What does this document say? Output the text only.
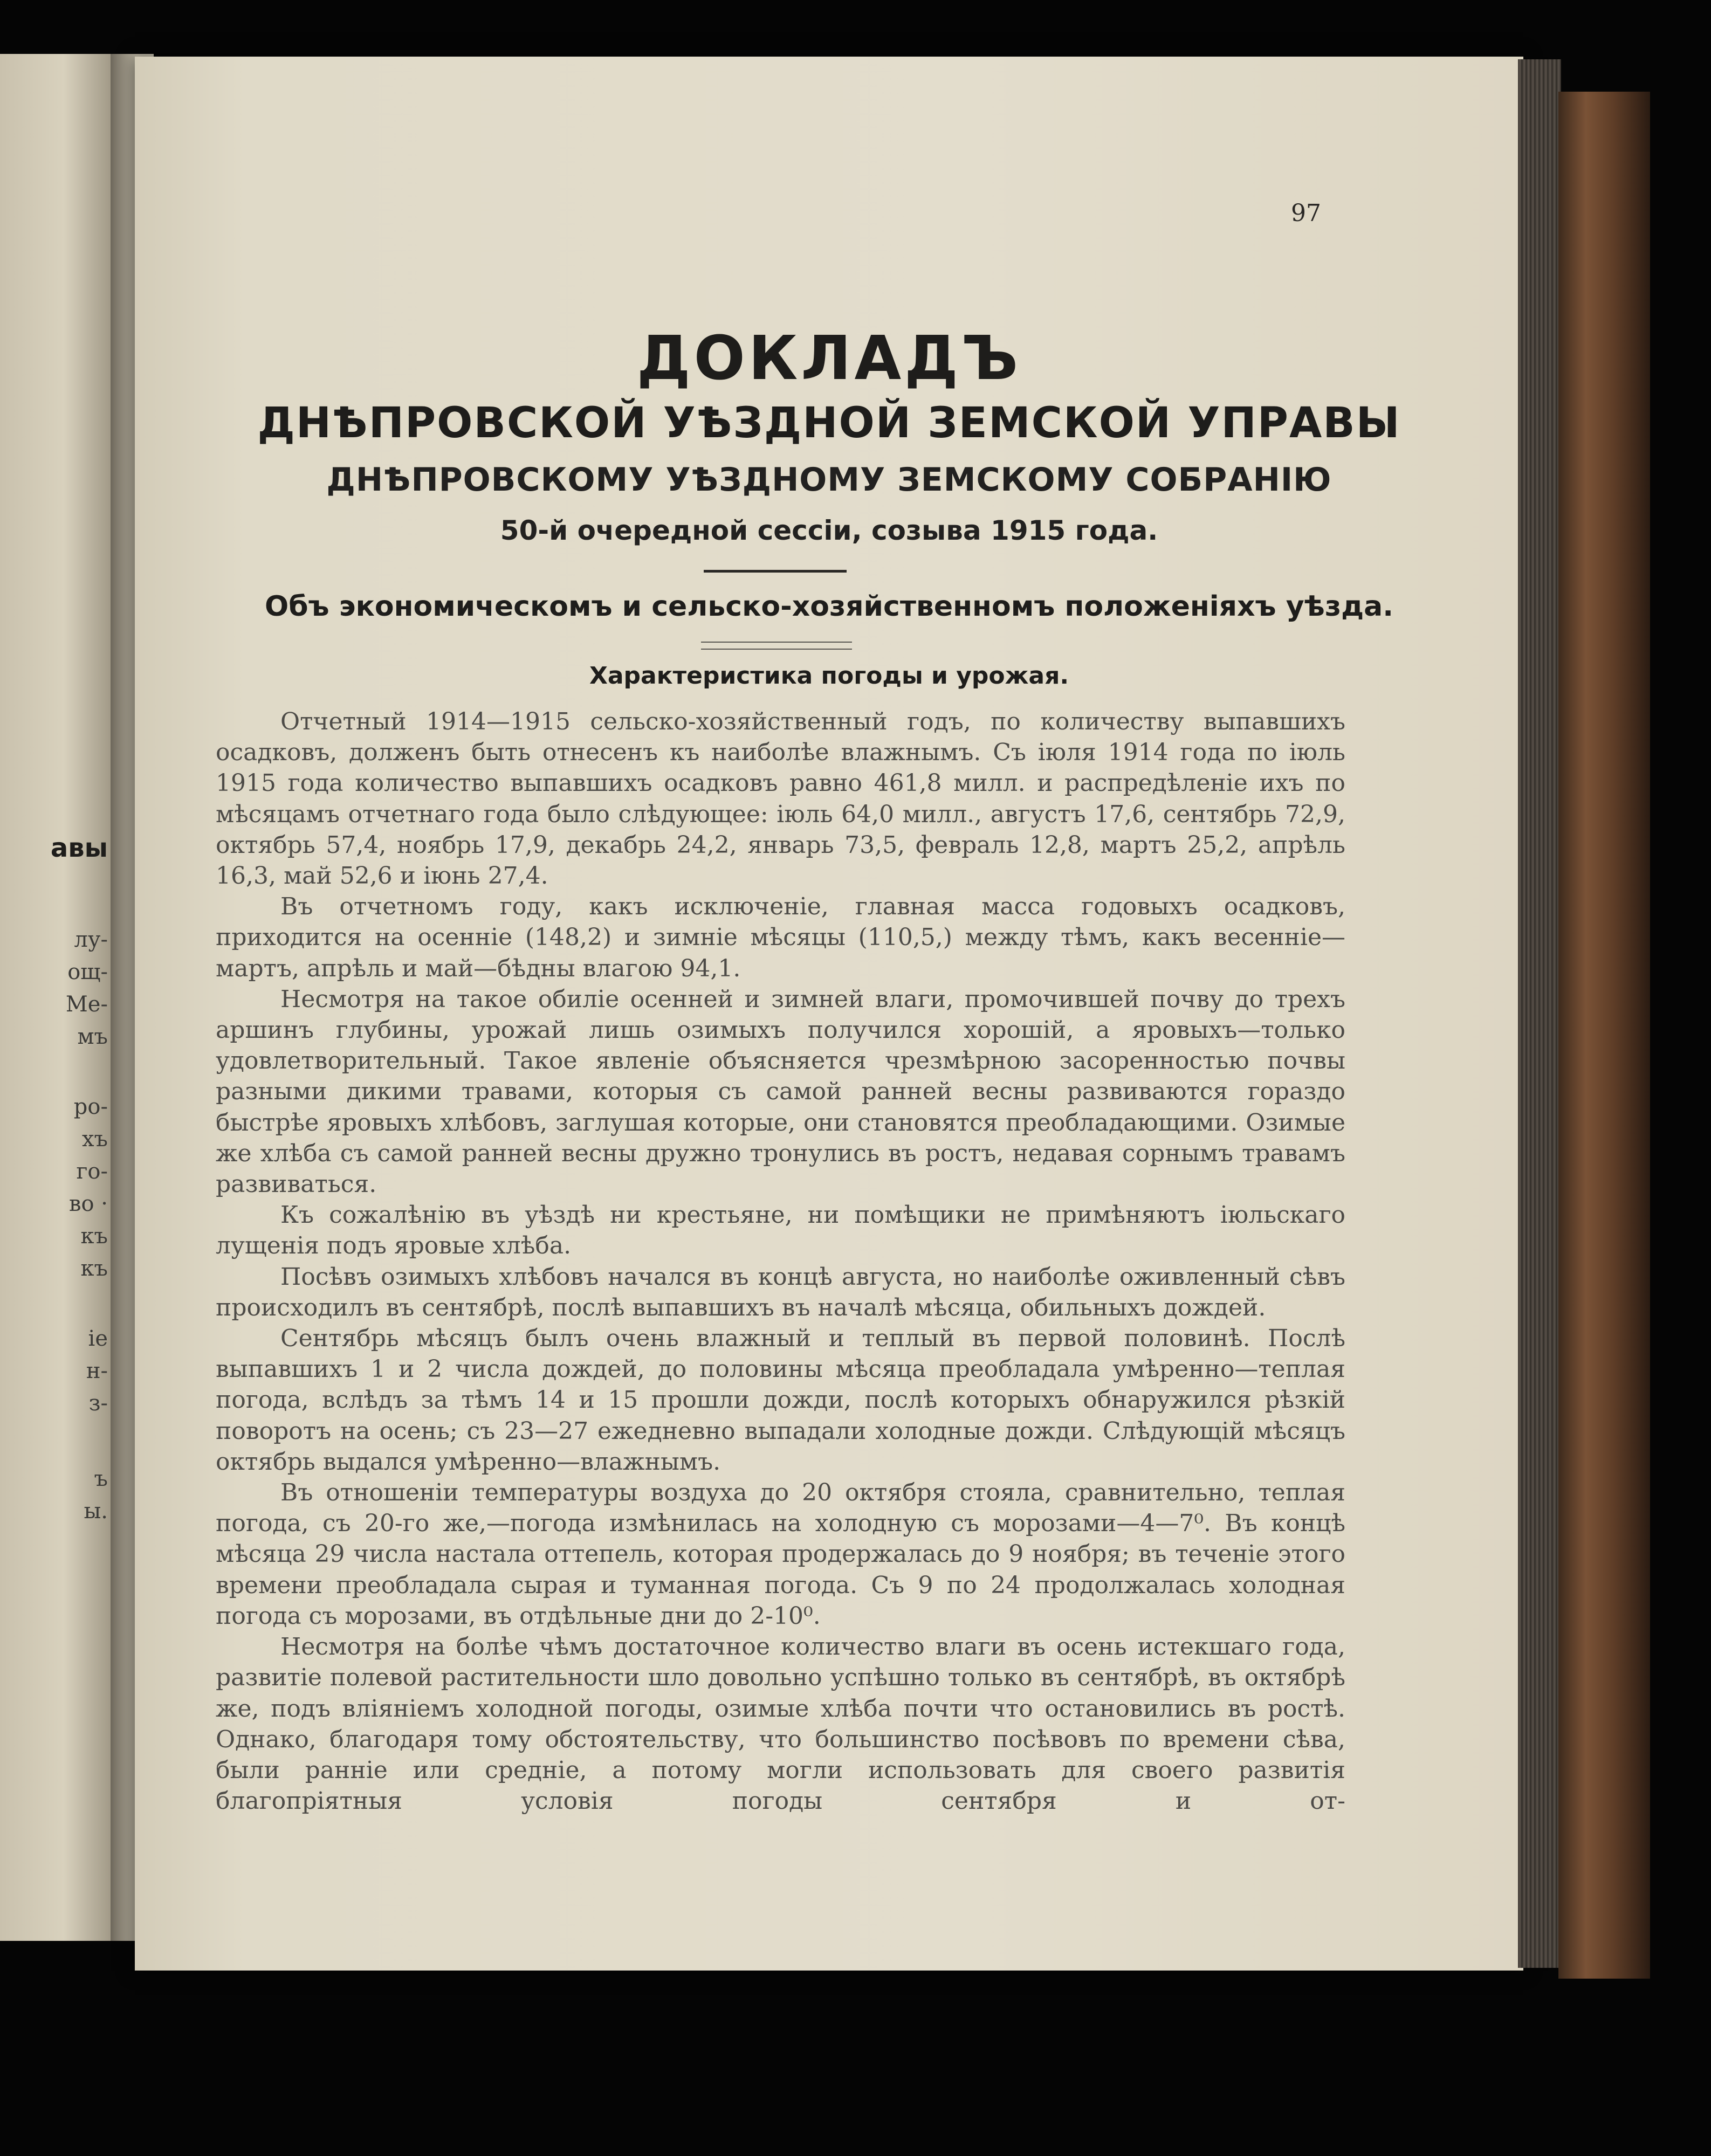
авы
лу-
ощ-
Ме-
мъ
ро-
хъ
го-
во ·
къ
къ
іе
н-
з-
ъ
ы.
97
ДОКЛАДЪ
ДНѢПРОВСКОЙ УѢЗДНОЙ ЗЕМСКОЙ УПРАВЫ
ДНѢПРОВСКОМУ УѢЗДНОМУ ЗЕМСКОМУ СОБРАНІЮ
50-й очередной сессіи, созыва 1915 года.
Объ экономическомъ и сельско-хозяйственномъ положеніяхъ уѣзда.
Характеристика погоды и урожая.

Отчетный 1914—1915 сельско-хозяйственный годъ, по количеству выпавшихъ осадковъ, долженъ быть отнесенъ къ наиболѣе влажнымъ. Съ іюля 1914 года по іюль 1915 года количество выпавшихъ осадковъ равно 461,8 милл. и распредѣленіе ихъ по мѣсяцамъ отчетнаго года было слѣдующее: іюль 64,0 милл., августъ 17,6, сентябрь 72,9, октябрь 57,4, ноябрь 17,9, декабрь 24,2, январь 73,5, февраль 12,8, мартъ 25,2, апрѣль 16,3, май 52,6 и іюнь 27,4.

Въ отчетномъ году, какъ исключеніе, главная масса годовыхъ осадковъ, приходится на осенніе (148,2) и зимніе мѣсяцы (110,5,) между тѣмъ, какъ весенніе—мартъ, апрѣль и май—бѣдны влагою 94,1.

Несмотря на такое обиліе осенней и зимней влаги, промочившей почву до трехъ аршинъ глубины, урожай лишь озимыхъ получился хорошій, а яровыхъ—только удовлетворительный. Такое явленіе объясняется чрезмѣрною засоренностью почвы разными дикими травами, которыя съ самой ранней весны развиваются гораздо быстрѣе яровыхъ хлѣбовъ, заглушая которые, они становятся преобладающими. Озимые же хлѣба съ самой ранней весны дружно тронулись въ ростъ, недавая сорнымъ травамъ развиваться.

Къ сожалѣнію въ уѣздѣ ни крестьяне, ни помѣщики не примѣняютъ іюльскаго лущенія подъ яровые хлѣба.

Посѣвъ озимыхъ хлѣбовъ начался въ концѣ августа, но наиболѣе оживленный сѣвъ происходилъ въ сентябрѣ, послѣ выпавшихъ въ началѣ мѣсяца, обильныхъ дождей.

Сентябрь мѣсяцъ былъ очень влажный и теплый въ первой половинѣ. Послѣ выпавшихъ 1 и 2 числа дождей, до половины мѣсяца преобладала умѣренно—теплая погода, вслѣдъ за тѣмъ 14 и 15 прошли дожди, послѣ которыхъ обнаружился рѣзкій поворотъ на осень; съ 23—27 ежедневно выпадали холодные дожди. Слѣдующій мѣсяцъ октябрь выдался умѣренно—влажнымъ.

Въ отношеніи температуры воздуха до 20 октября стояла, сравнительно, теплая погода, съ 20-го же,—погода измѣнилась на холодную съ морозами—4—7⁰. Въ концѣ мѣсяца 29 числа настала оттепель, которая продержалась до 9 ноября; въ теченіе этого времени преобладала сырая и туманная погода. Съ 9 по 24 продолжалась холодная погода съ морозами, въ отдѣльные дни до 2-10⁰.

Несмотря на болѣе чѣмъ достаточное количество влаги въ осень истекшаго года, развитіе полевой растительности шло довольно успѣшно только въ сентябрѣ, въ октябрѣ же, подъ вліяніемъ холодной погоды, озимые хлѣба почти что остановились въ ростѣ. Однако, благодаря тому обстоятельству, что большинство посѣвовъ по времени сѣва, были ранніе или средніе, а потому могли использовать для своего развитія благопріятныя условія погоды сентября и от-
